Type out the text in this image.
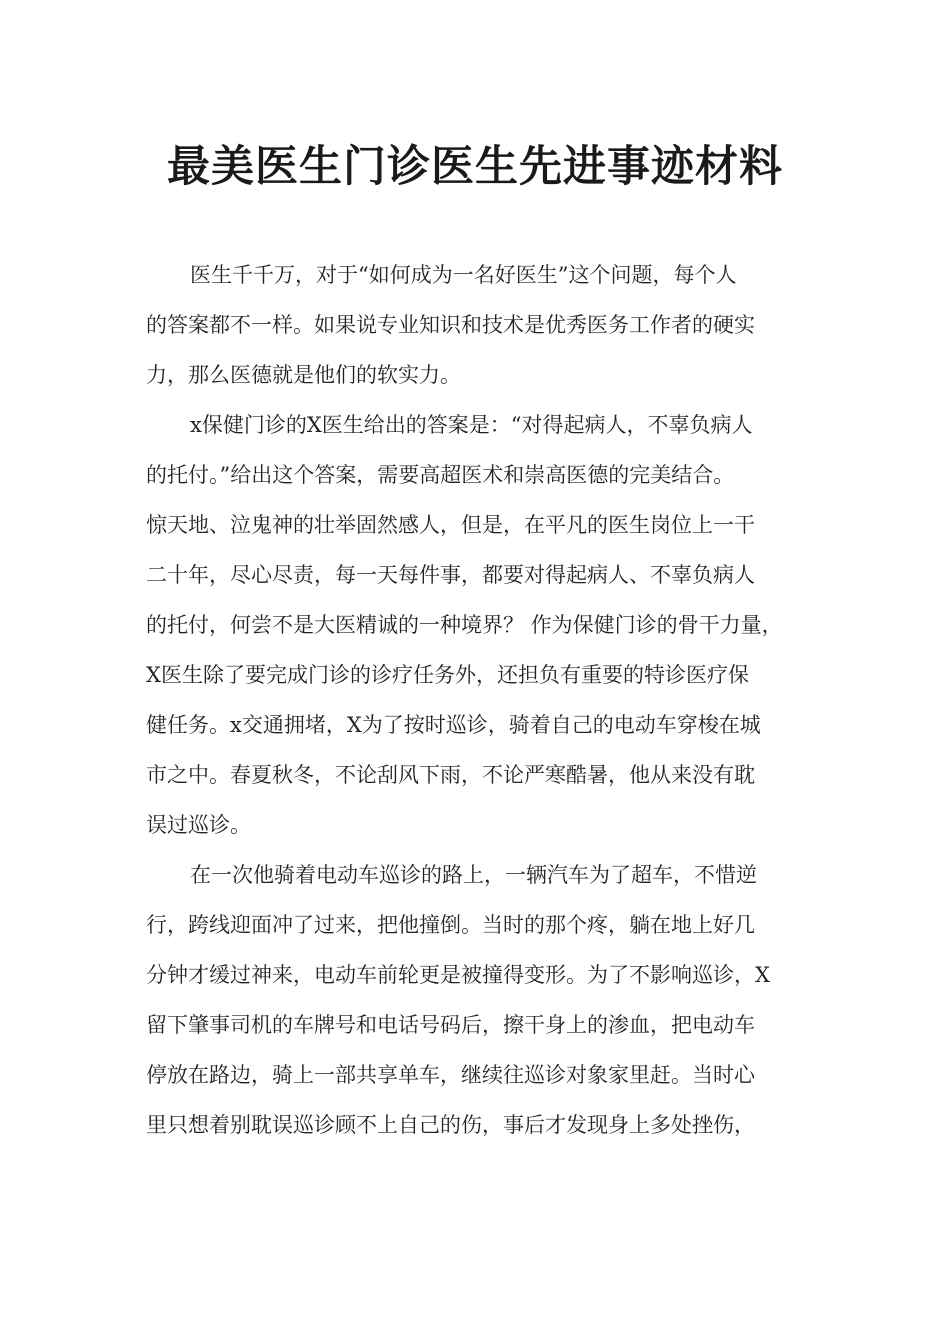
最美医生门诊医生先进事迹材料
医生千千万，对于“如何成为一名好医生”这个问题，每个人
的答案都不一样。如果说专业知识和技术是优秀医务工作者的硬实
力，那么医德就是他们的软实力。
x保健门诊的X医生给出的答案是：“对得起病人，不辜负病人
的托付。”给出这个答案，需要高超医术和崇高医德的完美结合。
惊天地、泣鬼神的壮举固然感人，但是，在平凡的医生岗位上一干
二十年，尽心尽责，每一天每件事，都要对得起病人、不辜负病人
的托付，何尝不是大医精诚的一种境界？ 作为保健门诊的骨干力量，
X医生除了要完成门诊的诊疗任务外，还担负有重要的特诊医疗保
健任务。x交通拥堵，X为了按时巡诊，骑着自己的电动车穿梭在城
市之中。春夏秋冬，不论刮风下雨，不论严寒酷暑，他从来没有耽
误过巡诊。
在一次他骑着电动车巡诊的路上，一辆汽车为了超车，不惜逆
行，跨线迎面冲了过来，把他撞倒。当时的那个疼，躺在地上好几
分钟才缓过神来，电动车前轮更是被撞得变形。为了不影响巡诊，X
留下肇事司机的车牌号和电话号码后，擦干身上的渗血，把电动车
停放在路边，骑上一部共享单车，继续往巡诊对象家里赶。当时心
里只想着别耽误巡诊顾不上自己的伤，事后才发现身上多处挫伤，
